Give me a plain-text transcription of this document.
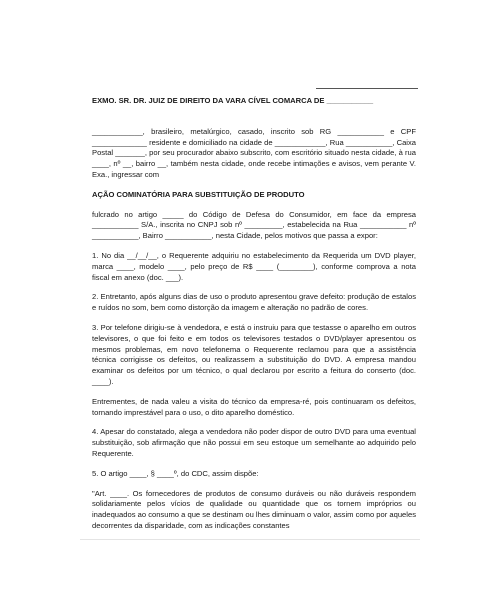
EXMO. SR. DR. JUIZ DE DIREITO DA VARA CÍVEL COMARCA DE ___________

____________, brasileiro, metalúrgico, casado, inscrito sob RG ___________ e CPF _____________ residente e domiciliado na cidade de ____________, Rua ___________, Caixa Postal _______, por seu procurador abaixo subscrito, com escritório situado nesta cidade, à rua ____, nº __, bairro __, também nesta cidade, onde recebe intimações e avisos, vem perante V. Exa., ingressar com

AÇÃO COMINATÓRIA PARA SUBSTITUIÇÃO DE PRODUTO

fulcrado no artigo _____ do Código de Defesa do Consumidor, em face da empresa ___________ S/A., inscrita no CNPJ sob nº _________, estabelecida na Rua ___________ nº ___________, Bairro ___________, nesta Cidade, pelos motivos que passa a expor:

1. No dia __/__/__, o Requerente adquiriu no estabelecimento da Requerida um DVD player, marca ____, modelo ____, pelo preço de R$ ____ (________), conforme comprova a nota fiscal em anexo (doc. ___).

2. Entretanto, após alguns dias de uso o produto apresentou grave defeito: produção de estalos e ruídos no som, bem como distorção da imagem e alteração no padrão de cores.

3. Por telefone dirigiu-se à vendedora, e está o instruiu para que testasse o aparelho em outros televisores, o que foi feito e em todos os televisores testados o DVD/player apresentou os mesmos problemas, em novo telefonema o Requerente reclamou para que a assistência técnica corrigisse os defeitos, ou realizassem a substituição do DVD. A empresa mandou examinar os defeitos por um técnico, o qual declarou por escrito a feitura do conserto (doc. ____).

Entrementes, de nada valeu a visita do técnico da empresa-ré, pois continuaram os defeitos, tornando imprestável para o uso, o dito aparelho doméstico.

4. Apesar do constatado, alega a vendedora não poder dispor de outro DVD para uma eventual substituição, sob afirmação que não possui em seu estoque um semelhante ao adquirido pelo Requerente.

5. O artigo ____, § ____º, do CDC, assim dispõe:

"Art. ____. Os fornecedores de produtos de consumo duráveis ou não duráveis respondem solidariamente pelos vícios de qualidade ou quantidade que os tornem impróprios ou inadequados ao consumo a que se destinam ou lhes diminuam o valor, assim como por aqueles decorrentes da disparidade, com as indicações constantes
